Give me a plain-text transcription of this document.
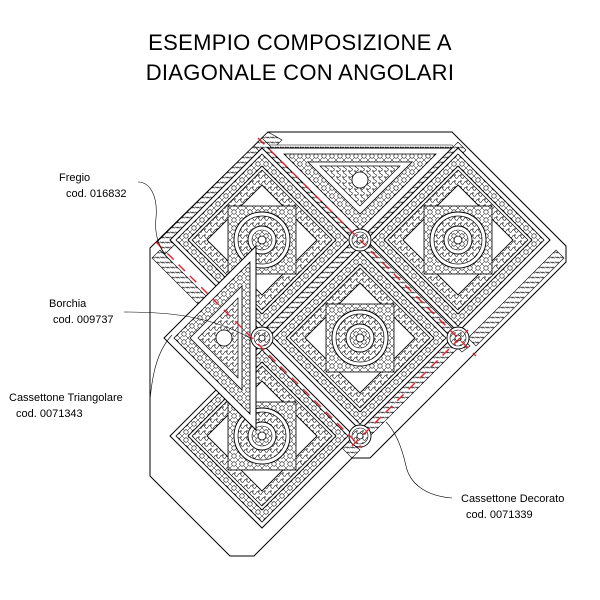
ESEMPIO COMPOSIZIONE A
DIAGONALE CON ANGOLARI
Fregio
cod. 016832
Borchia
cod. 009737
Cassettone Triangolare
cod. 0071343
Cassettone Decorato
cod. 0071339
